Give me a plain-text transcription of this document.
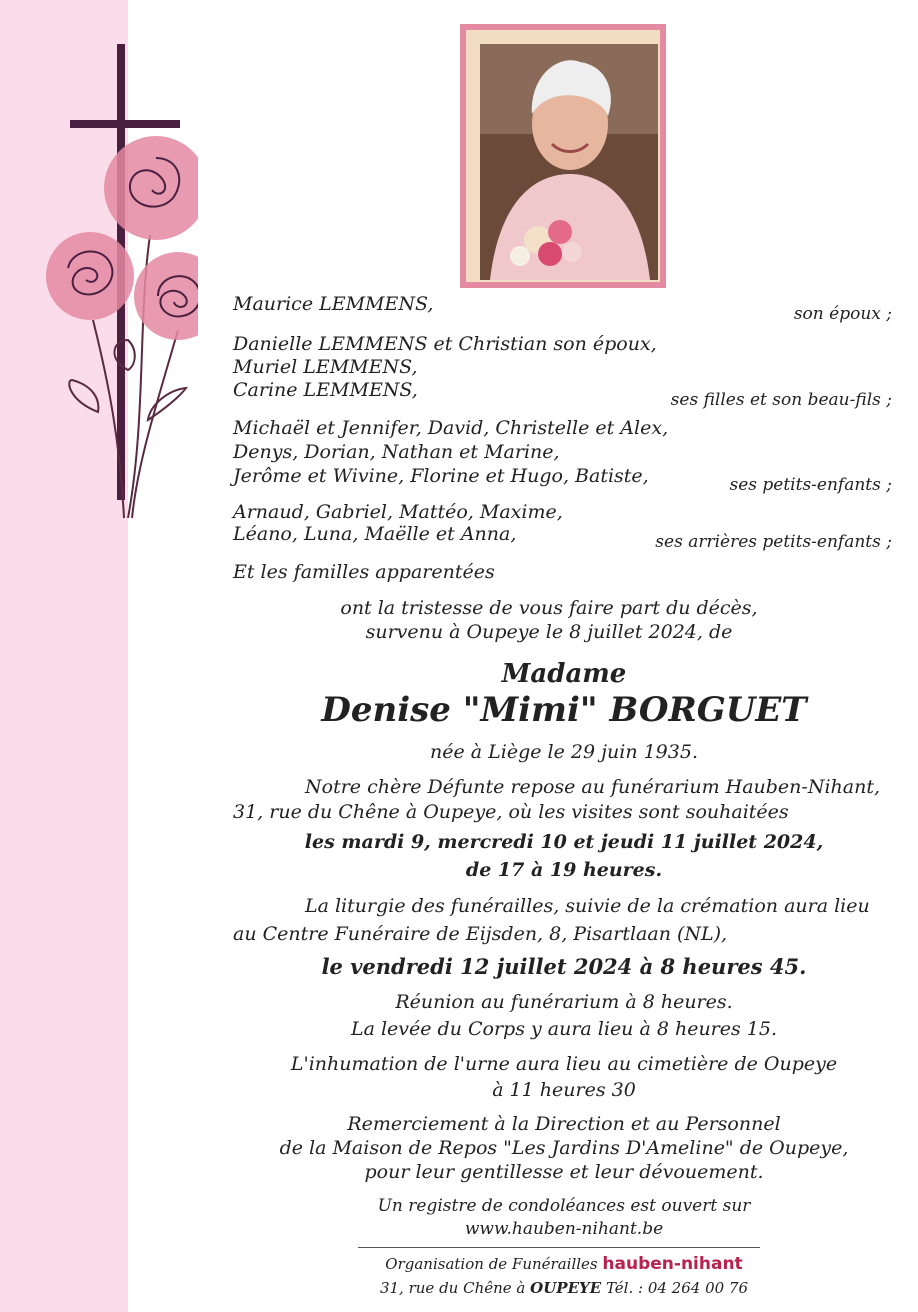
Maurice LEMMENS,	son époux ;
Danielle LEMMENS et Christian son époux,
Muriel LEMMENS,
Carine LEMMENS,	ses filles et son beau-fils ;
Michaël et Jennifer, David, Christelle et Alex,
Denys, Dorian, Nathan et Marine,
Jerôme et Wivine, Florine et Hugo, Batiste,	ses petits-enfants ;
Arnaud, Gabriel, Mattéo, Maxime,
Léano, Luna, Maëlle et Anna,	ses arrières petits-enfants ;
Et les familles apparentées
ont la tristesse de vous faire part du décès,
survenu à Oupeye le 8 juillet 2024, de
Madame
Denise "Mimi" BORGUET
née à Liège le 29 juin 1935.
Notre chère Défunte repose au funérarium Hauben-Nihant,
31, rue du Chêne à Oupeye, où les visites sont souhaitées
les mardi 9, mercredi 10 et jeudi 11 juillet 2024,
de 17 à 19 heures.
La liturgie des funérailles, suivie de la crémation aura lieu
au Centre Funéraire de Eijsden, 8, Pisartlaan (NL),
le vendredi 12 juillet 2024 à 8 heures 45.
Réunion au funérarium à 8 heures.
La levée du Corps y aura lieu à 8 heures 15.
L'inhumation de l'urne aura lieu au cimetière de Oupeye
à 11 heures 30
Remerciement à la Direction et au Personnel
de la Maison de Repos "Les Jardins D'Ameline" de Oupeye,
pour leur gentillesse et leur dévouement.
Un registre de condoléances est ouvert sur
www.hauben-nihant.be
Organisation de Funérailles hauben-nihant
31, rue du Chêne à OUPEYE Tél. : 04 264 00 76
